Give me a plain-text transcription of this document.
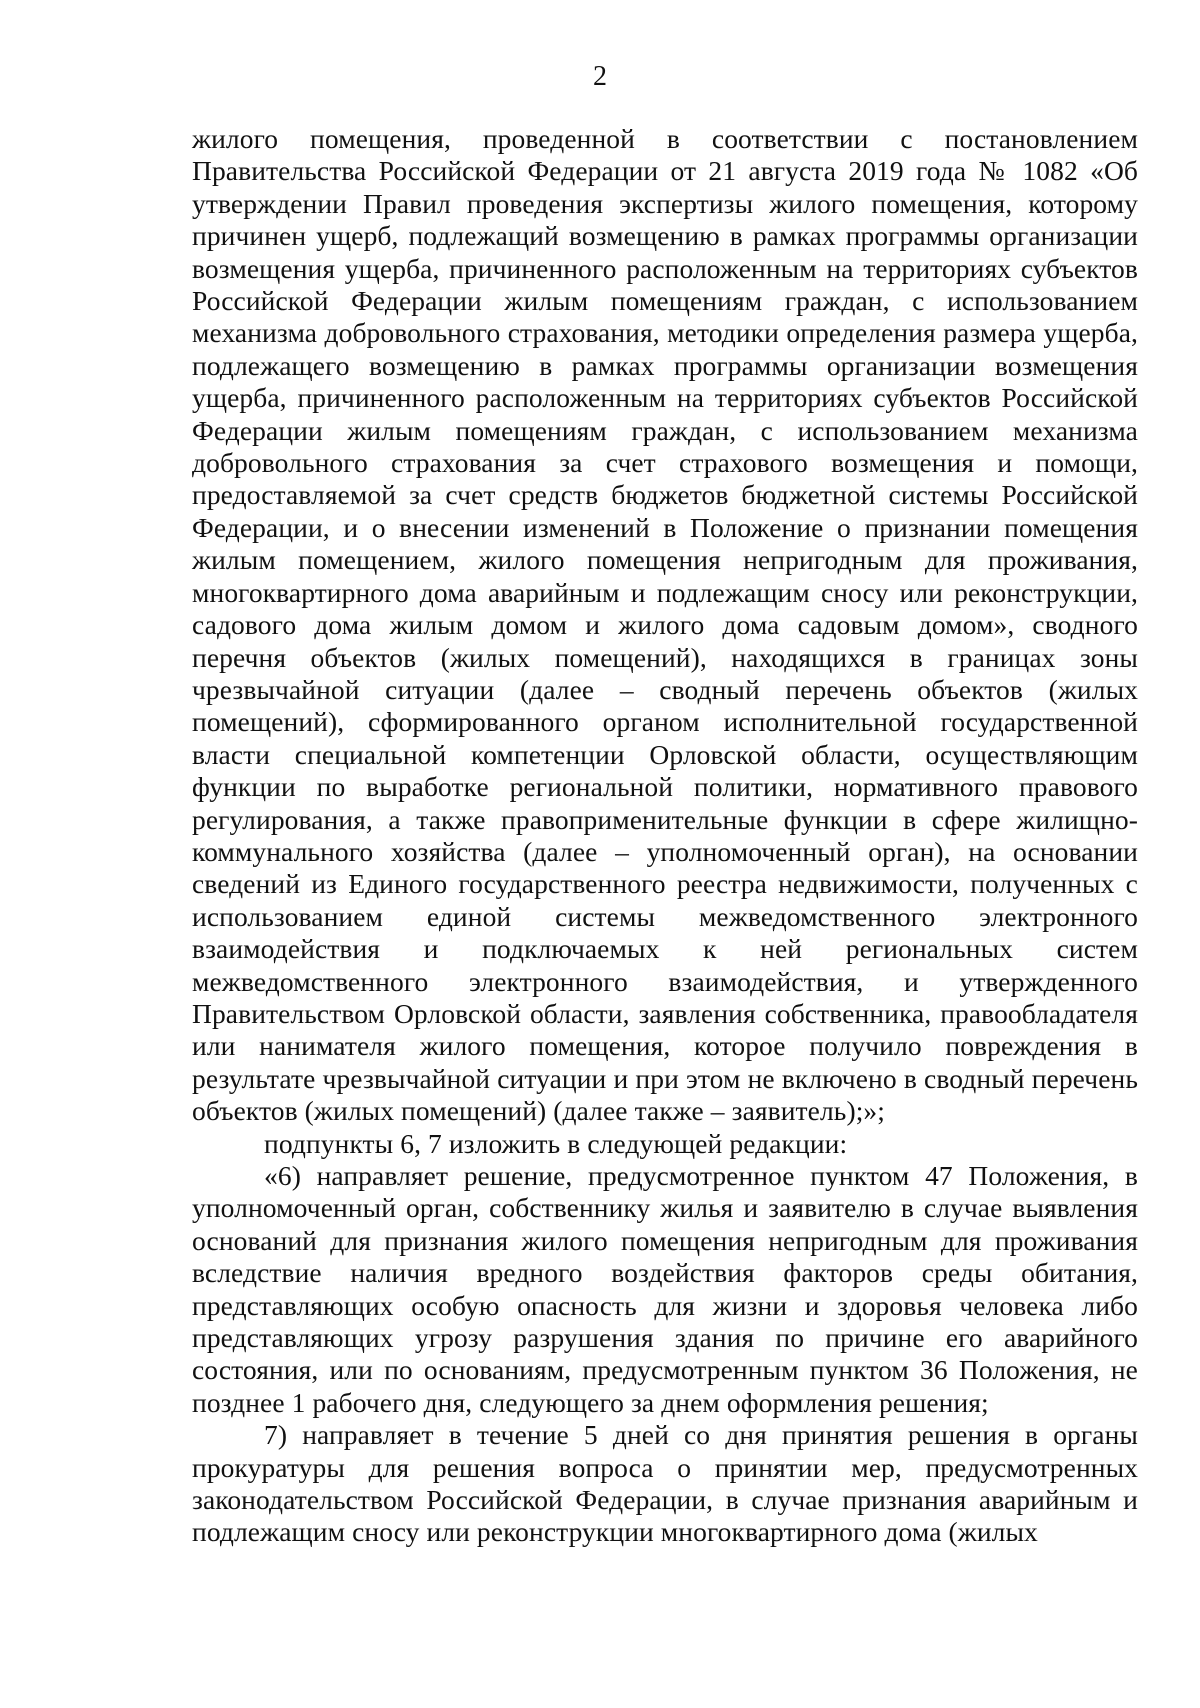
2

жилого помещения, проведенной в соответствии с постановлением Правительства Российской Федерации от 21 августа 2019 года № 1082 «Об утверждении Правил проведения экспертизы жилого помещения, которому причинен ущерб, подлежащий возмещению в рамках программы организации возмещения ущерба, причиненного расположенным на территориях субъектов Российской Федерации жилым помещениям граждан, с использованием механизма добровольного страхования, методики определения размера ущерба, подлежащего возмещению в рамках программы организации возмещения ущерба, причиненного расположенным на территориях субъектов Российской Федерации жилым помещениям граждан, с использованием механизма добровольного страхования за счет страхового возмещения и помощи, предоставляемой за счет средств бюджетов бюджетной системы Российской Федерации, и о внесении изменений в Положение о признании помещения жилым помещением, жилого помещения непригодным для проживания, многоквартирного дома аварийным и подлежащим сносу или реконструкции, садового дома жилым домом и жилого дома садовым домом», сводного перечня объектов (жилых помещений), находящихся в границах зоны чрезвычайной ситуации (далее – сводный перечень объектов (жилых помещений), сформированного органом исполнительной государственной власти специальной компетенции Орловской области, осуществляющим функции по выработке региональной политики, нормативного правового регулирования, а также правоприменительные функции в сфере жилищно-коммунального хозяйства (далее – уполномоченный орган), на основании сведений из Единого государственного реестра недвижимости, полученных с использованием единой системы межведомственного электронного взаимодействия и подключаемых к ней региональных систем межведомственного электронного взаимодействия, и утвержденного Правительством Орловской области, заявления собственника, правообладателя или нанимателя жилого помещения, которое получило повреждения в результате чрезвычайной ситуации и при этом не включено в сводный перечень объектов (жилых помещений) (далее также – заявитель);»;

подпункты 6, 7 изложить в следующей редакции:

«6) направляет решение, предусмотренное пунктом 47 Положения, в уполномоченный орган, собственнику жилья и заявителю в случае выявления оснований для признания жилого помещения непригодным для проживания вследствие наличия вредного воздействия факторов среды обитания, представляющих особую опасность для жизни и здоровья человека либо представляющих угрозу разрушения здания по причине его аварийного состояния, или по основаниям, предусмотренным пунктом 36 Положения, не позднее 1 рабочего дня, следующего за днем оформления решения;

7) направляет в течение 5 дней со дня принятия решения в органы прокуратуры для решения вопроса о принятии мер, предусмотренных законодательством Российской Федерации, в случае признания аварийным и подлежащим сносу или реконструкции многоквартирного дома (жилых
